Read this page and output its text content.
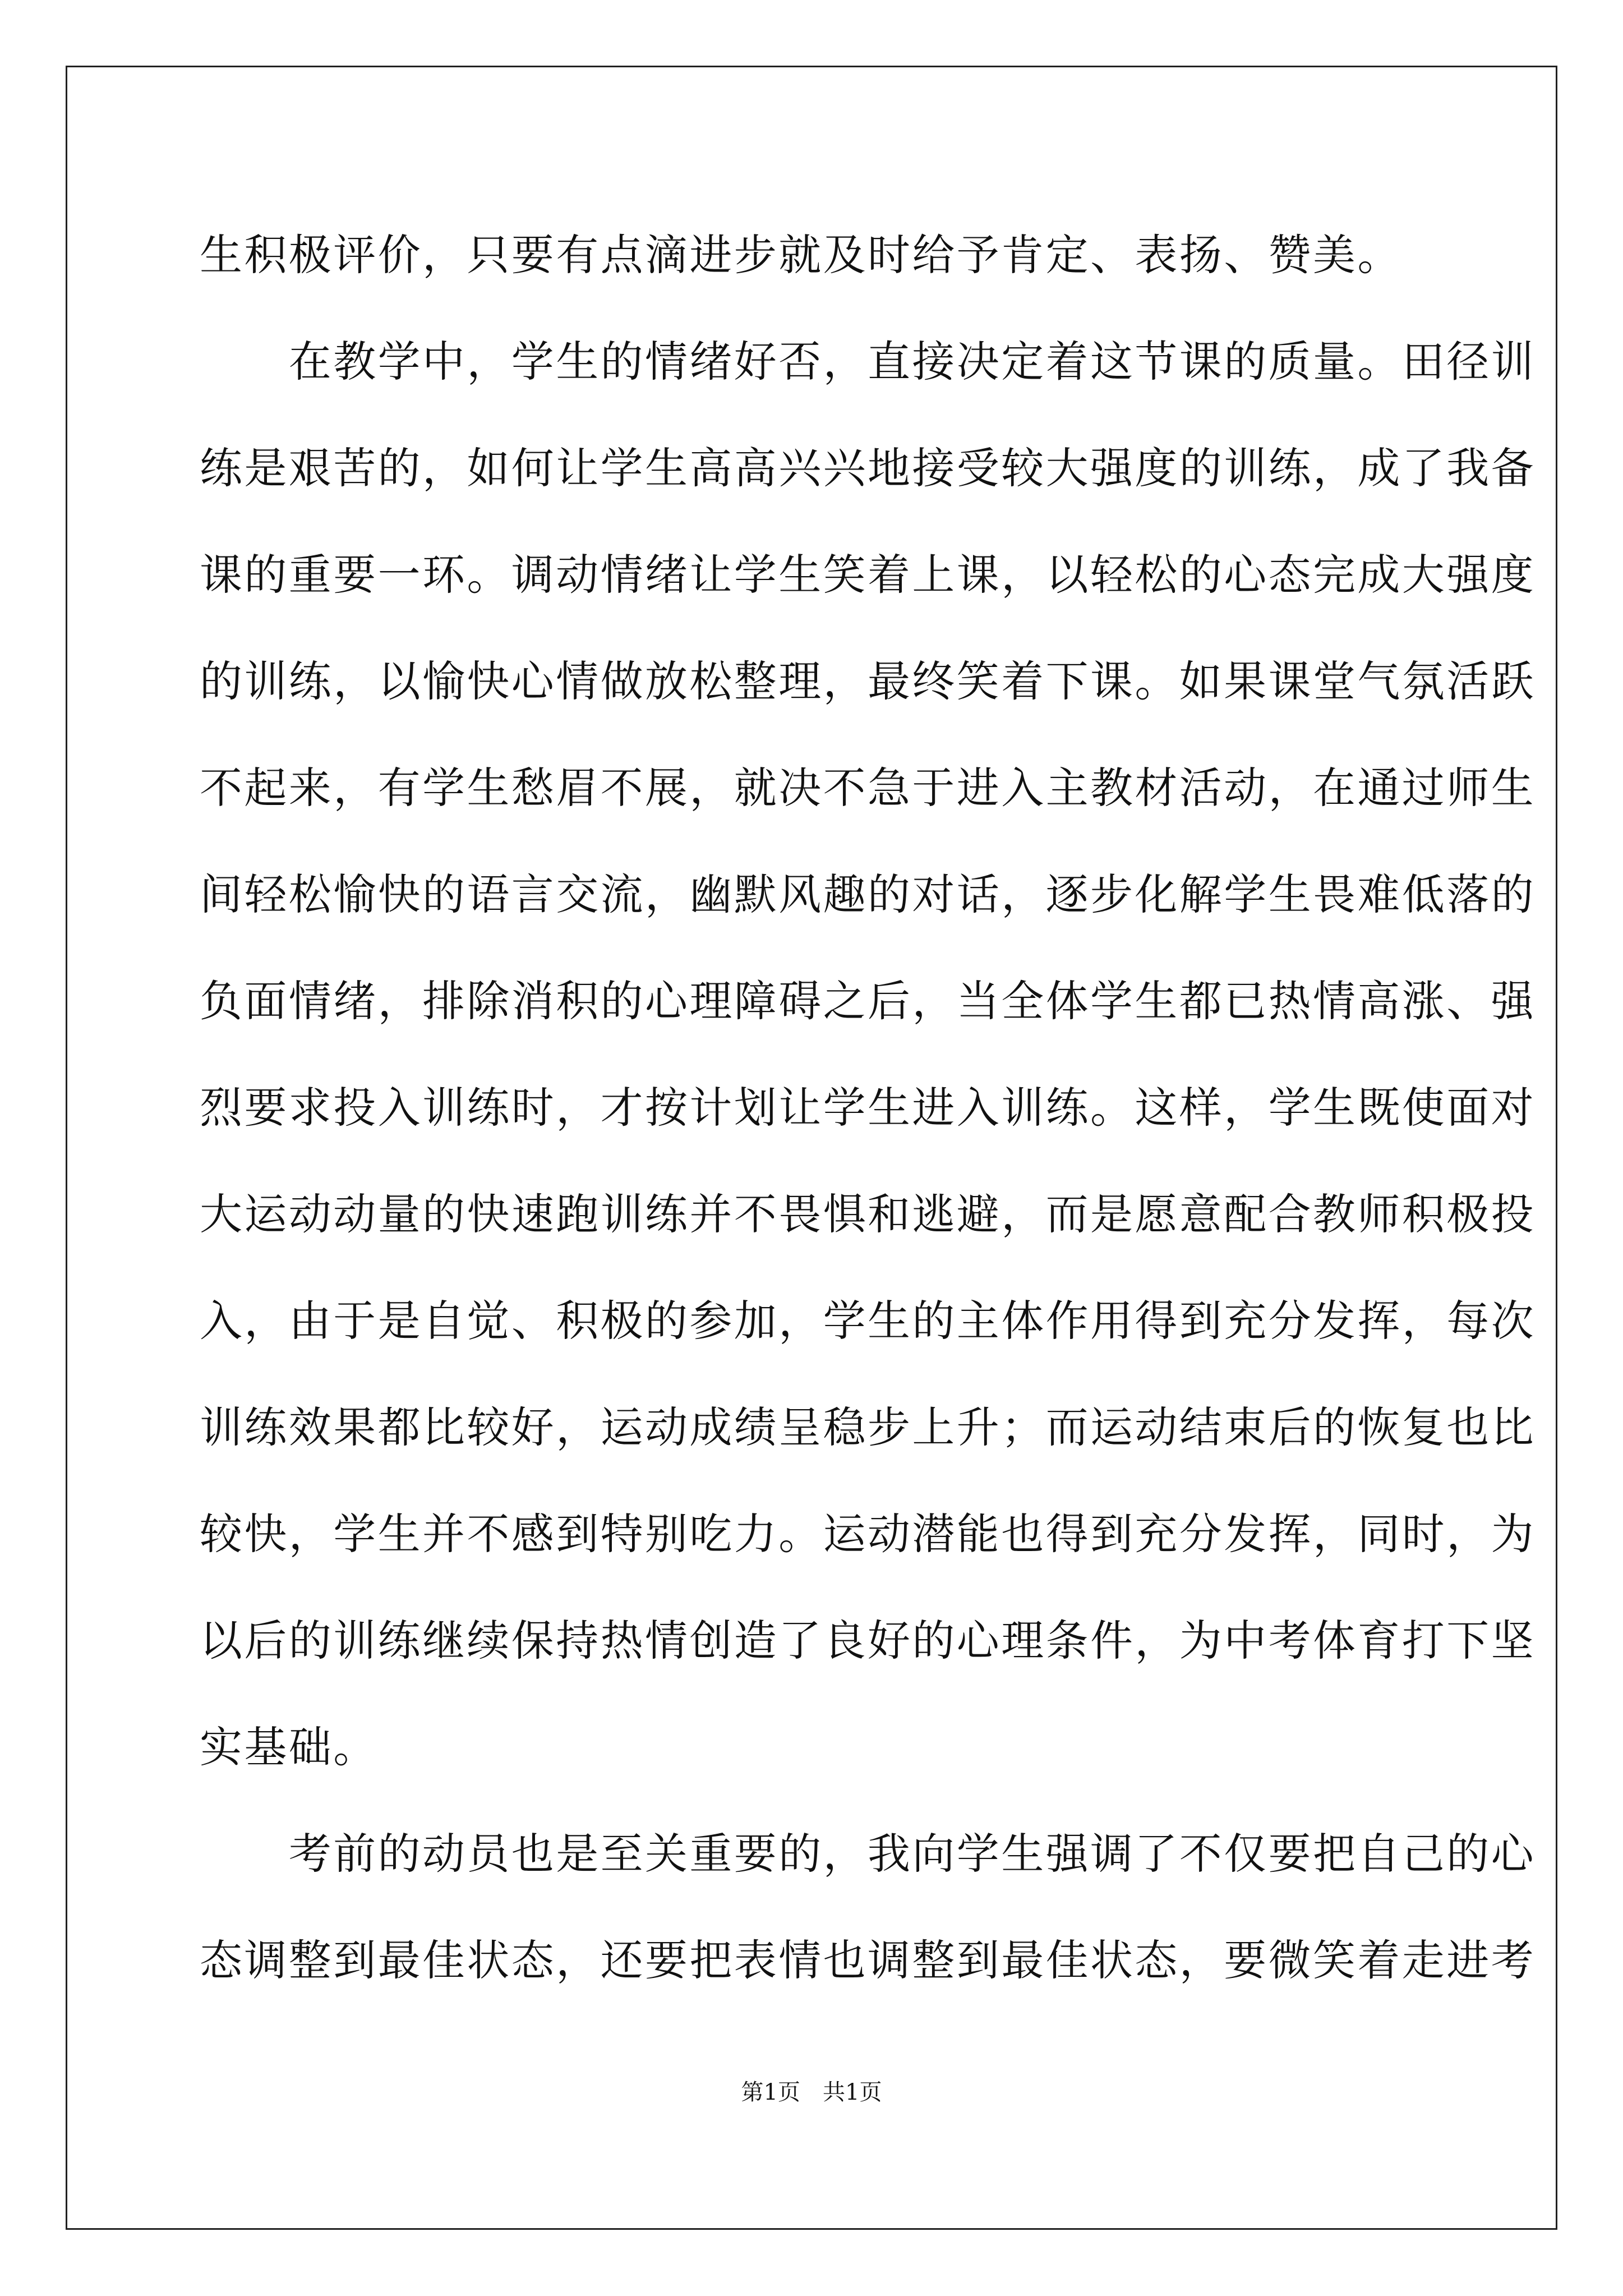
生积极评价，只要有点滴进步就及时给予肯定、表扬、赞美。
　　在教学中，学生的情绪好否，直接决定着这节课的质量。田径训
练是艰苦的，如何让学生高高兴兴地接受较大强度的训练，成了我备
课的重要一环。调动情绪让学生笑着上课，以轻松的心态完成大强度
的训练，以愉快心情做放松整理，最终笑着下课。如果课堂气氛活跃
不起来，有学生愁眉不展，就决不急于进入主教材活动，在通过师生
间轻松愉快的语言交流，幽默风趣的对话，逐步化解学生畏难低落的
负面情绪，排除消积的心理障碍之后，当全体学生都已热情高涨、强
烈要求投入训练时，才按计划让学生进入训练。这样，学生既使面对
大运动动量的快速跑训练并不畏惧和逃避，而是愿意配合教师积极投
入，由于是自觉、积极的参加，学生的主体作用得到充分发挥，每次
训练效果都比较好，运动成绩呈稳步上升；而运动结束后的恢复也比
较快，学生并不感到特别吃力。运动潜能也得到充分发挥，同时，为
以后的训练继续保持热情创造了良好的心理条件，为中考体育打下坚
实基础。
　　考前的动员也是至关重要的，我向学生强调了不仅要把自己的心
态调整到最佳状态，还要把表情也调整到最佳状态，要微笑着走进考
第1页　共1页
